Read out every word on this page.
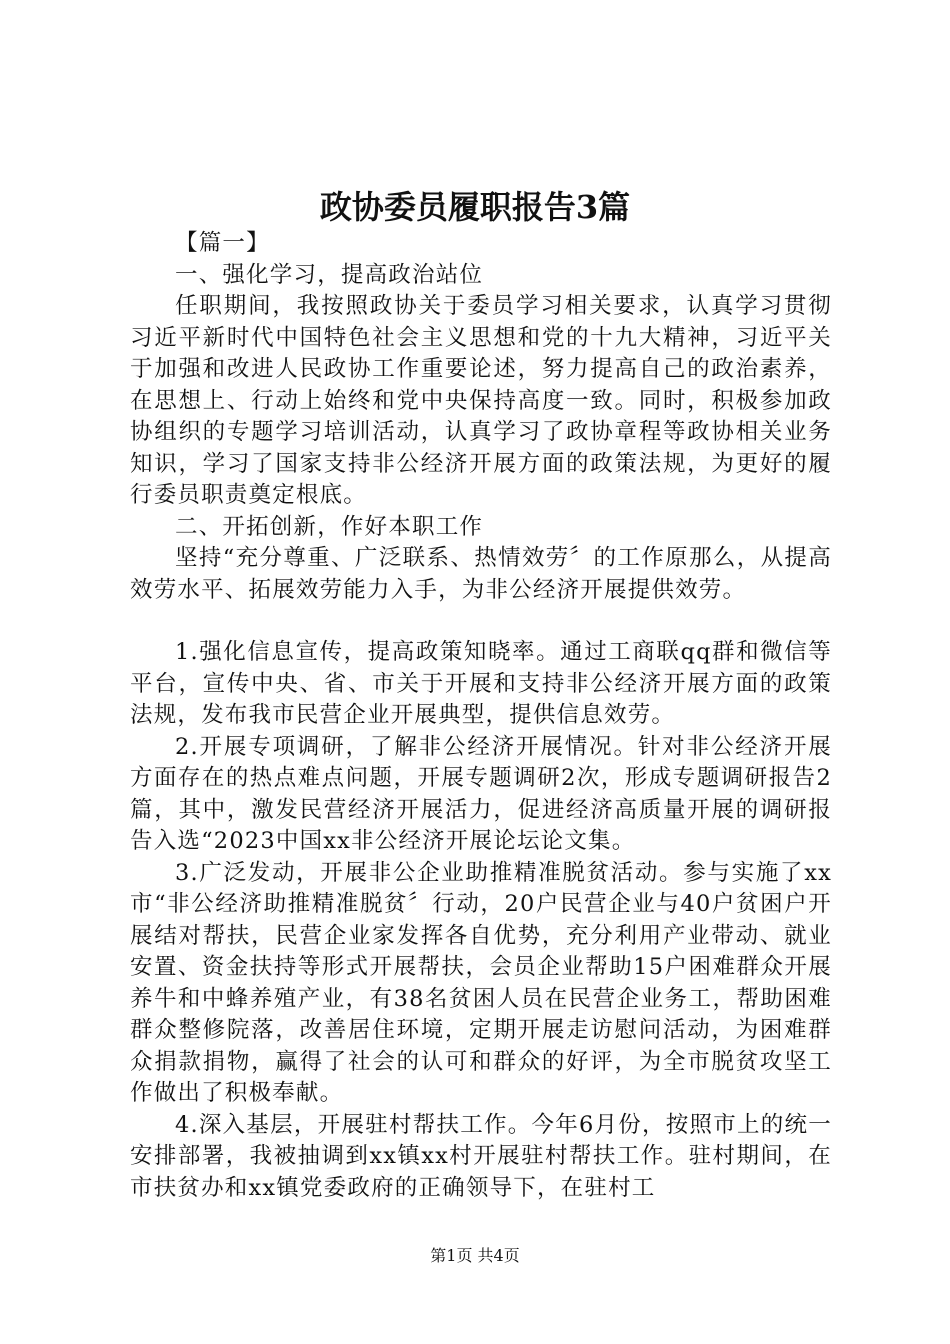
政协委员履职报告3篇

【篇一】

一、强化学习，提高政治站位

任职期间，我按照政协关于委员学习相关要求，认真学习贯彻习近平新时代中国特色社会主义思想和党的十九大精神，习近平关于加强和改进人民政协工作重要论述，努力提高自己的政治素养，在思想上、行动上始终和党中央保持高度一致。同时，积极参加政协组织的专题学习培训活动，认真学习了政协章程等政协相关业务知识，学习了国家支持非公经济开展方面的政策法规，为更好的履行委员职责奠定根底。

二、开拓创新，作好本职工作

坚持“充分尊重、广泛联系、热情效劳〞的工作原那么，从提高效劳水平、拓展效劳能力入手，为非公经济开展提供效劳。

1.强化信息宣传，提高政策知晓率。通过工商联qq群和微信等平台，宣传中央、省、市关于开展和支持非公经济开展方面的政策法规，发布我市民营企业开展典型，提供信息效劳。

2.开展专项调研，了解非公经济开展情况。针对非公经济开展方面存在的热点难点问题，开展专题调研2次，形成专题调研报告2篇，其中，激发民营经济开展活力，促进经济高质量开展的调研报告入选“2023中国xx非公经济开展论坛论文集。

3.广泛发动，开展非公企业助推精准脱贫活动。参与实施了xx市“非公经济助推精准脱贫〞行动，20户民营企业与40户贫困户开展结对帮扶，民营企业家发挥各自优势，充分利用产业带动、就业安置、资金扶持等形式开展帮扶，会员企业帮助15户困难群众开展养牛和中蜂养殖产业，有38名贫困人员在民营企业务工，帮助困难群众整修院落，改善居住环境，定期开展走访慰问活动，为困难群众捐款捐物，赢得了社会的认可和群众的好评，为全市脱贫攻坚工作做出了积极奉献。

4.深入基层，开展驻村帮扶工作。今年6月份，按照市上的统一安排部署，我被抽调到xx镇xx村开展驻村帮扶工作。驻村期间，在市扶贫办和xx镇党委政府的正确领导下，在驻村工

第1页 共4页
